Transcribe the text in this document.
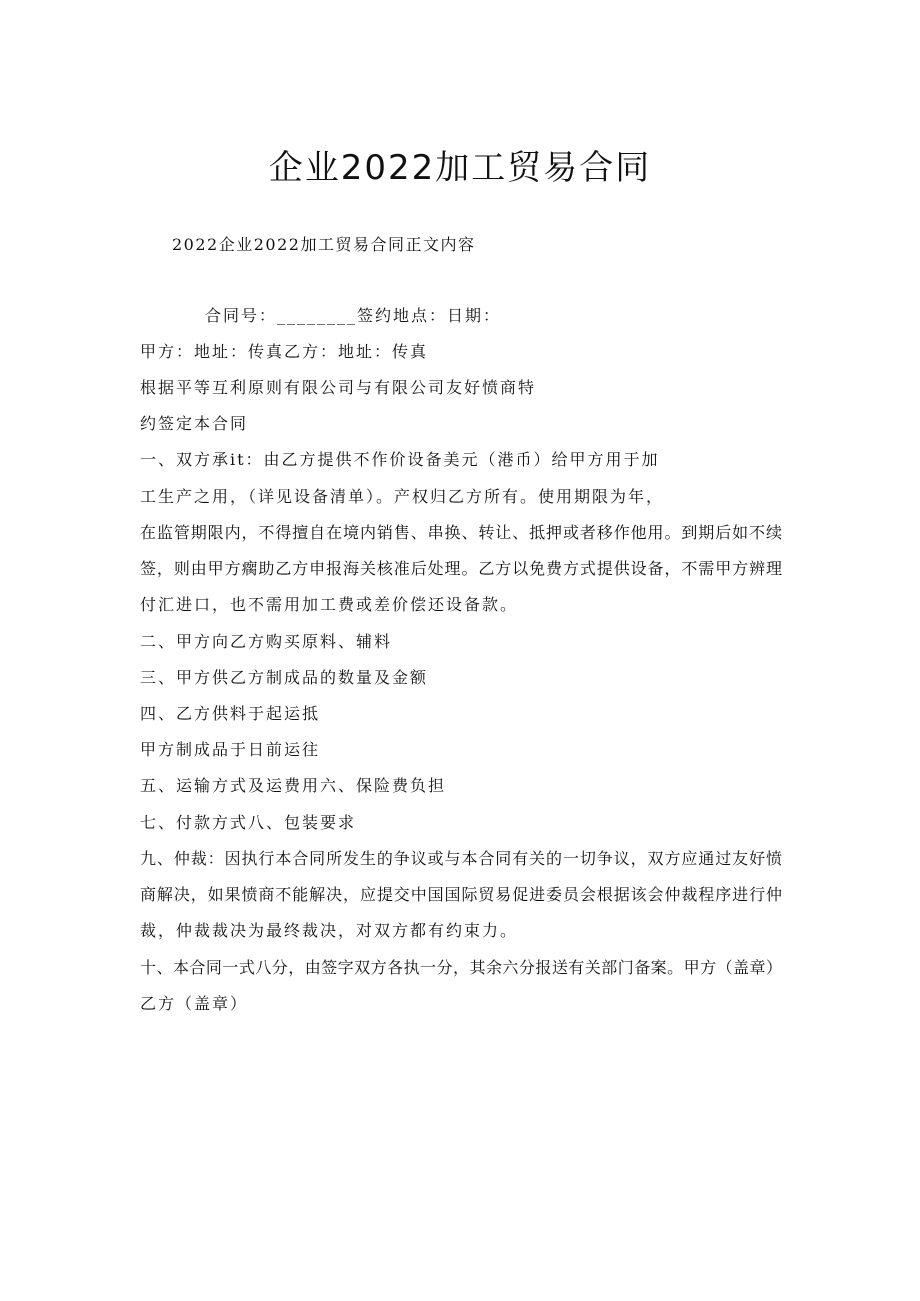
企业2022加工贸易合同
2022企业2022加工贸易合同正文内容
合同号：________签约地点：日期：
甲方：地址：传真乙方：地址：传真
根据平等互利原则有限公司与有限公司友好愤商特
约签定本合同
一、双方承it：由乙方提供不作价设备美元（港币）给甲方用于加
工生产之用，（详见设备清单）。产权归乙方所有。使用期限为年，
在监管期限内，不得擅自在境内销售、串换、转让、抵押或者移作他用。到期后如不续
签，则由甲方瘸助乙方申报海关核准后处理。乙方以免费方式提供设备，不需甲方辨理
付汇进口，也不需用加工费或差价偿还设备款。
二、甲方向乙方购买原料、辅料
三、甲方供乙方制成品的数量及金额
四、乙方供料于起运抵
甲方制成品于日前运往
五、运输方式及运费用六、保险费负担
七、付款方式八、包装要求
九、仲裁：因执行本合同所发生的争议或与本合同有关的一切争议，双方应通过友好愤
商解决，如果愤商不能解决，应提交中国国际贸易促进委员会根据该会仲裁程序进行仲
裁，仲裁裁决为最终裁决，对双方都有约束力。
十、本合同一式八分，由签字双方各执一分，其余六分报送有关部门备案。甲方（盖章）
乙方（盖章）
